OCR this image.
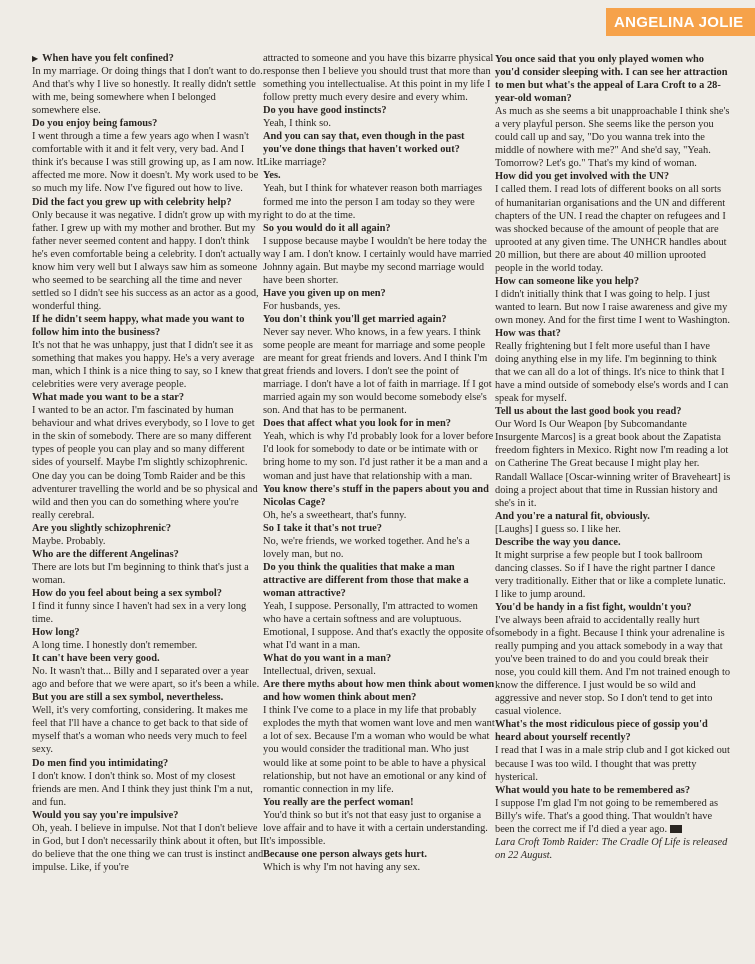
ANGELINA JOLIE
▶ When have you felt confined?
In my marriage. Or doing things that I don't want to do. And that's why I live so honestly. It really didn't settle with me, being somewhere when I belonged somewhere else.
Do you enjoy being famous?
I went through a time a few years ago when I wasn't comfortable with it and it felt very, very bad. And I think it's because I was still growing up, as I am now. It affected me more. Now it doesn't. My work used to be so much my life. Now I've figured out how to live.
Did the fact you grew up with celebrity help?
Only because it was negative. I didn't grow up with my father. I grew up with my mother and brother. But my father never seemed content and happy. I don't think he's even comfortable being a celebrity. I don't actually know him very well but I always saw him as someone who seemed to be searching all the time and never settled so I didn't see his success as an actor as a good, wonderful thing.
If he didn't seem happy, what made you want to follow him into the business?
It's not that he was unhappy, just that I didn't see it as something that makes you happy. He's a very average man, which I think is a nice thing to say, so I knew that celebrities were very average people.
What made you want to be a star?
I wanted to be an actor. I'm fascinated by human behaviour and what drives everybody, so I love to get in the skin of somebody. There are so many different types of people you can play and so many different sides of yourself. Maybe I'm slightly schizophrenic. One day you can be doing Tomb Raider and be this adventurer travelling the world and be so physical and wild and then you can do something where you're really cerebral.
Are you slightly schizophrenic?
Maybe. Probably.
Who are the different Angelinas?
There are lots but I'm beginning to think that's just a woman.
How do you feel about being a sex symbol?
I find it funny since I haven't had sex in a very long time.
How long?
A long time. I honestly don't remember.
It can't have been very good.
No. It wasn't that... Billy and I separated over a year ago and before that we were apart, so it's been a while.
But you are still a sex symbol, nevertheless.
Well, it's very comforting, considering. It makes me feel that I'll have a chance to get back to that side of myself that's a woman who needs very much to feel sexy.
Do men find you intimidating?
I don't know. I don't think so. Most of my closest friends are men. And I think they just think I'm a nut, and fun.
Would you say you're impulsive?
Oh, yeah. I believe in impulse. Not that I don't believe in God, but I don't necessarily think about it often, but I do believe that the one thing we can trust is instinct and impulse. Like, if you're
attracted to someone and you have this bizarre physical response then I believe you should trust that more than something you intellectualise. At this point in my life I follow pretty much every desire and every whim.
Do you have good instincts?
Yeah, I think so.
And you can say that, even though in the past you've done things that haven't worked out?
Like marriage?
Yes.
Yeah, but I think for whatever reason both marriages formed me into the person I am today so they were right to do at the time.
So you would do it all again?
I suppose because maybe I wouldn't be here today the way I am. I don't know. I certainly would have married Johnny again. But maybe my second marriage would have been shorter.
Have you given up on men?
For husbands, yes.
You don't think you'll get married again?
Never say never. Who knows, in a few years. I think some people are meant for marriage and some people are meant for great friends and lovers. And I think I'm great friends and lovers. I don't see the point of marriage. I don't have a lot of faith in marriage. If I got married again my son would become somebody else's son. And that has to be permanent.
Does that affect what you look for in men?
Yeah, which is why I'd probably look for a lover before I'd look for somebody to date or be intimate with or bring home to my son. I'd just rather it be a man and a woman and just have that relationship with a man.
You know there's stuff in the papers about you and Nicolas Cage?
Oh, he's a sweetheart, that's funny.
So I take it that's not true?
No, we're friends, we worked together. And he's a lovely man, but no.
Do you think the qualities that make a man attractive are different from those that make a woman attractive?
Yeah, I suppose. Personally, I'm attracted to women who have a certain softness and are voluptuous. Emotional, I suppose. And that's exactly the opposite of what I'd want in a man.
What do you want in a man?
Intellectual, driven, sexual.
Are there myths about how men think about women and how women think about men?
I think I've come to a place in my life that probably explodes the myth that women want love and men want a lot of sex. Because I'm a woman who would be what you would consider the traditional man. Who just would like at some point to be able to have a physical relationship, but not have an emotional or any kind of romantic connection in my life.
You really are the perfect woman!
You'd think so but it's not that easy just to organise a love affair and to have it with a certain understanding. It's impossible.
Because one person always gets hurt.
Which is why I'm not having any sex.
You once said that you only played women who you'd consider sleeping with. I can see her attraction to men but what's the appeal of Lara Croft to a 28-year-old woman?
As much as she seems a bit unapproachable I think she's a very playful person. She seems like the person you could call up and say, "Do you wanna trek into the middle of nowhere with me?" And she'd say, "Yeah. Tomorrow? Let's go." That's my kind of woman.
How did you get involved with the UN?
I called them. I read lots of different books on all sorts of humanitarian organisations and the UN and different chapters of the UN. I read the chapter on refugees and I was shocked because of the amount of people that are uprooted at any given time. The UNHCR handles about 20 million, but there are about 40 million uprooted people in the world today.
How can someone like you help?
I didn't initially think that I was going to help. I just wanted to learn. But now I raise awareness and give my own money. And for the first time I went to Washington.
How was that?
Really frightening but I felt more useful than I have doing anything else in my life. I'm beginning to think that we can all do a lot of things. It's nice to think that I have a mind outside of somebody else's words and I can speak for myself.
Tell us about the last good book you read?
Our Word Is Our Weapon [by Subcomandante Insurgente Marcos] is a great book about the Zapatista freedom fighters in Mexico. Right now I'm reading a lot on Catherine The Great because I might play her. Randall Wallace [Oscar-winning writer of Braveheart] is doing a project about that time in Russian history and she's in it.
And you're a natural fit, obviously.
[Laughs] I guess so. I like her.
Describe the way you dance.
It might surprise a few people but I took ballroom dancing classes. So if I have the right partner I dance very traditionally. Either that or like a complete lunatic. I like to jump around.
You'd be handy in a fist fight, wouldn't you?
I've always been afraid to accidentally really hurt somebody in a fight. Because I think your adrenaline is really pumping and you attack somebody in a way that you've been trained to do and you could break their nose, you could kill them. And I'm not trained enough to know the difference. I just would be so wild and aggressive and never stop. So I don't tend to get into casual violence.
What's the most ridiculous piece of gossip you'd heard about yourself recently?
I read that I was in a male strip club and I got kicked out because I was too wild. I thought that was pretty hysterical.
What would you hate to be remembered as?
I suppose I'm glad I'm not going to be remembered as Billy's wife. That's a good thing. That wouldn't have been the correct me if I'd died a year ago.
Lara Croft Tomb Raider: The Cradle Of Life is released on 22 August.
